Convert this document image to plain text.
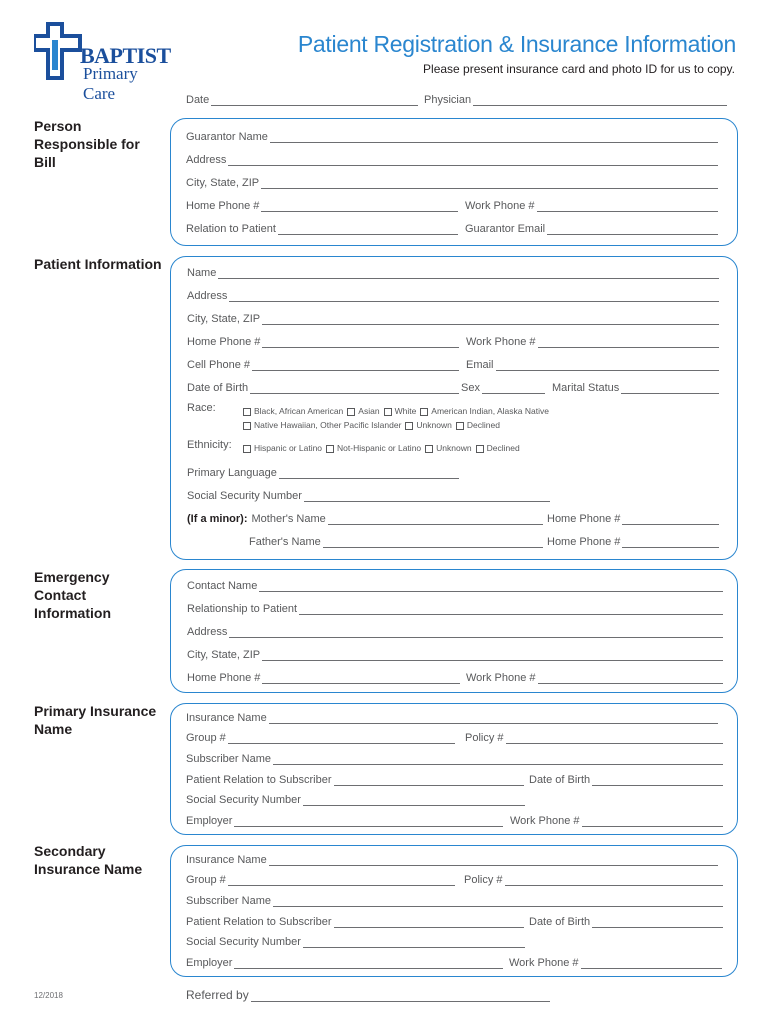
BAPTIST
Primary Care
Patient Registration & Insurance Information
Please present insurance card and photo ID for us to copy.
Date	Physician
Person Responsible for Bill
Guarantor Name
Address
City, State, ZIP
Home Phone #	Work Phone #
Relation to Patient	Guarantor Email
Patient Information
Name
Address
City, State, ZIP
Home Phone #	Work Phone #
Cell Phone #	Email
Date of Birth	Sex	Marital Status
Race:	Black, African American Asian White American Indian, Alaska Native
Native Hawaiian, Other Pacific Islander Unknown Declined
Ethnicity:	Hispanic or Latino Not-Hispanic or Latino Unknown Declined
Primary Language
Social Security Number
(If a minor): Mother's Name	Home Phone #
Father's Name	Home Phone #
Emergency Contact Information
Contact Name
Relationship to Patient
Address
City, State, ZIP
Home Phone #	Work Phone #
Primary Insurance Name
Insurance Name
Group #	Policy #
Subscriber Name
Patient Relation to Subscriber	Date of Birth
Social Security Number
Employer	Work Phone #
Secondary Insurance Name
Insurance Name
Group #	Policy #
Subscriber Name
Patient Relation to Subscriber	Date of Birth
Social Security Number
Employer	Work Phone #
12/2018	Referred by
